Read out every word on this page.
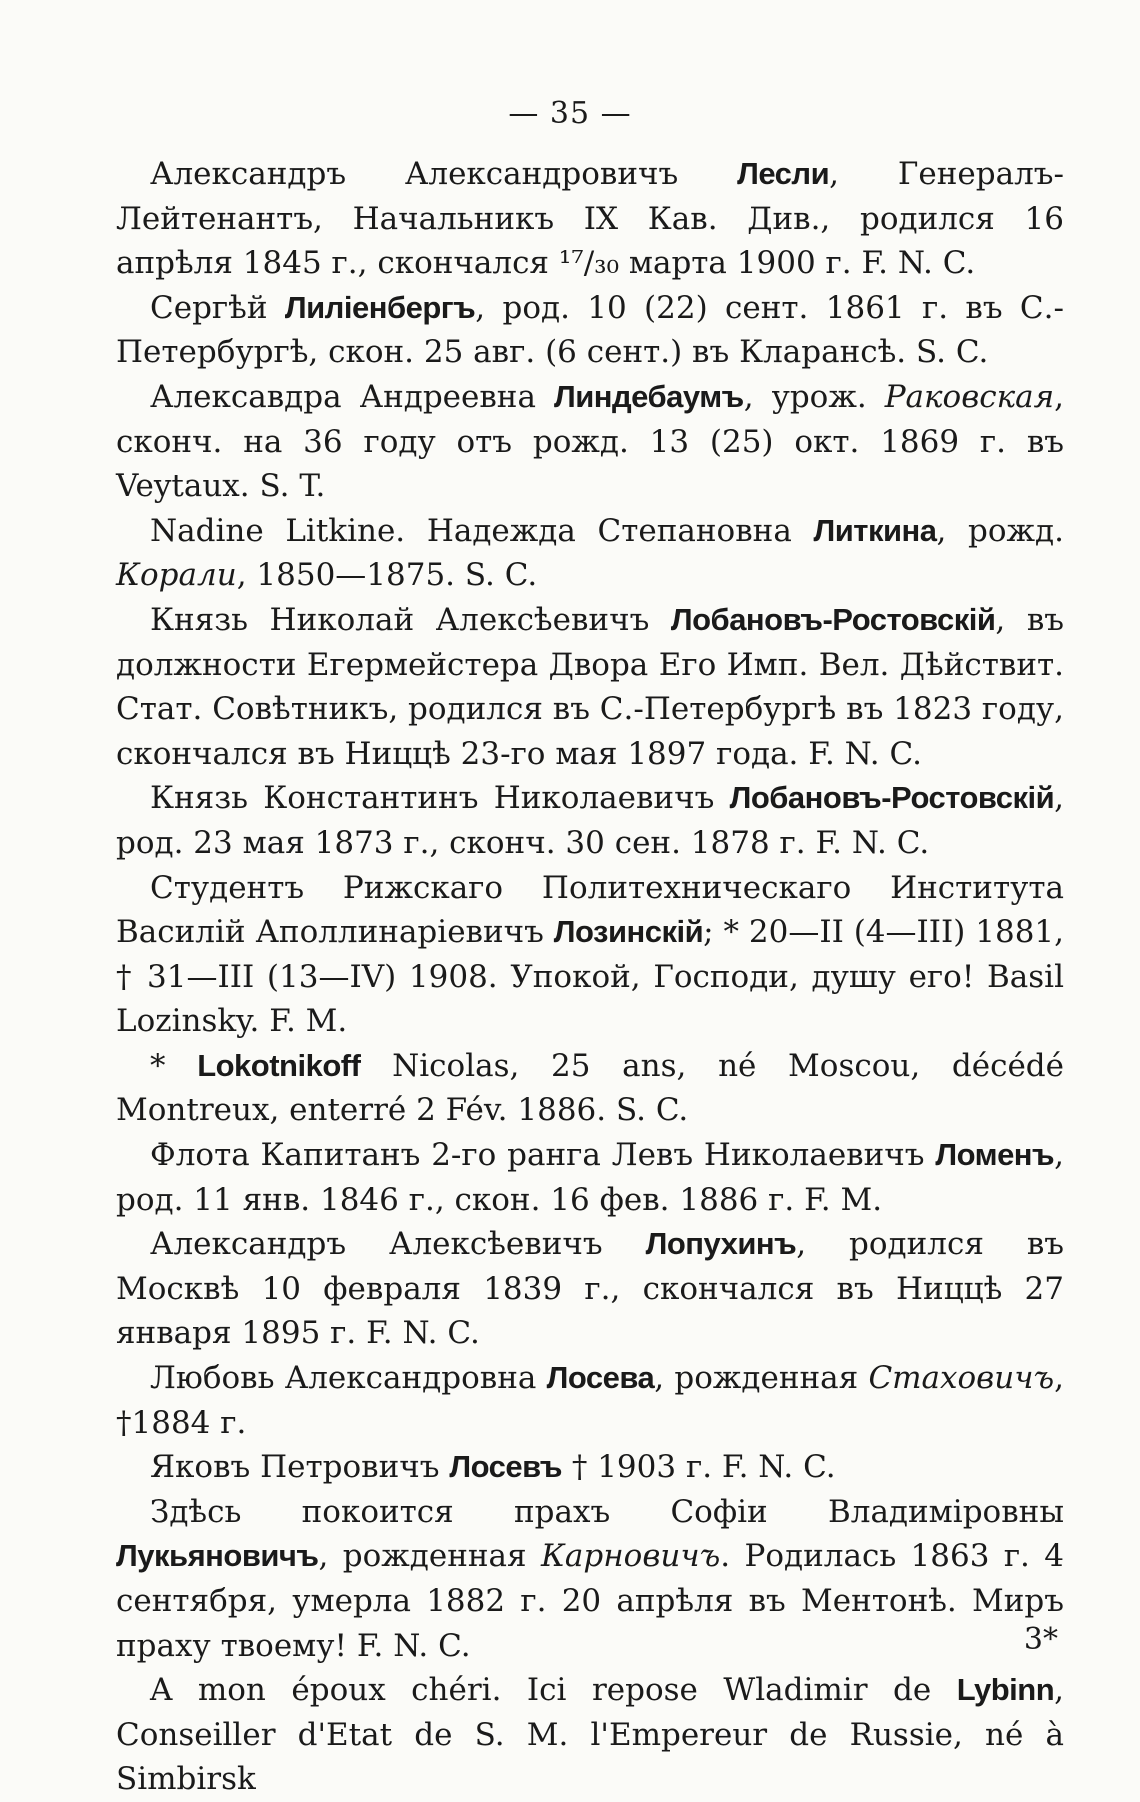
— 35 —

Александръ Александровичъ Лесли, Генералъ-Лейтенантъ, Начальникъ IX Кав. Див., родился 16 апрѣля 1845 г., скончался ¹⁷/₃₀ марта 1900 г. F. N. C.

Сергѣй Лиліенбергъ, род. 10 (22) сент. 1861 г. въ С.-Петербургѣ, скон. 25 авг. (6 сент.) въ Кларансѣ. S. C.

Алексавдра Андреевна Линдебаумъ, урож. Раковская, сконч. на 36 году отъ рожд. 13 (25) окт. 1869 г. въ Veytaux. S. T.

Nadine Litkine. Надежда Степановна Литкина, рожд. Корали, 1850—1875. S. C.

Князь Николай Алексѣевичъ Лобановъ-Ростовскій, въ должности Егермейстера Двора Его Имп. Вел. Дѣйствит. Стат. Совѣтникъ, родился въ С.-Петербургѣ въ 1823 году, скончался въ Ниццѣ 23-го мая 1897 года. F. N. C.

Князь Константинъ Николаевичъ Лобановъ-Ростовскій, род. 23 мая 1873 г., сконч. 30 сен. 1878 г. F. N. C.

Студентъ Рижскаго Политехническаго Института Василій Аполлинаріевичъ Лозинскій; * 20—II (4—III) 1881, † 31—III (13—IV) 1908. Упокой, Господи, душу его! Basil Lozinsky. F. M.

* Lokotnikoff Nicolas, 25 ans, né Moscou, décédé Montreux, enterré 2 Fév. 1886. S. C.

Флота Капитанъ 2-го ранга Левъ Николаевичъ Ломенъ, род. 11 янв. 1846 г., скон. 16 фев. 1886 г. F. M.

Александръ Алексѣевичъ Лопухинъ, родился въ Москвѣ 10 февраля 1839 г., скончался въ Ниццѣ 27 января 1895 г. F. N. C.

Любовь Александровна Лосева, рожденная Стаховичъ, †1884 г.

Яковъ Петровичъ Лосевъ † 1903 г. F. N. C.

Здѣсь покоится прахъ Софіи Владиміровны Лукьяновичъ, рожденная Карновичъ. Родилась 1863 г. 4 сентября, умерла 1882 г. 20 апрѣля въ Ментонѣ. Миръ праху твоему! F. N. C.

A mon époux chéri. Ici repose Wladimir de Lybinn, Conseiller d'Etat de S. M. l'Empereur de Russie, né à Simbirsk

3*
